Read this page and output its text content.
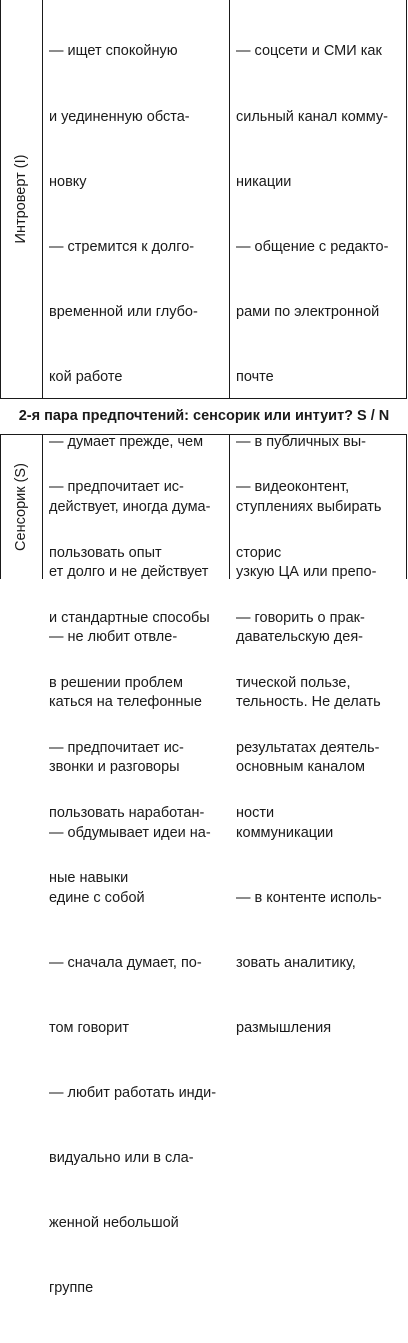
Интроверт (I)

— ищет спокойную

и уединенную обста-

новку

— стремится к долго-

временной или глубо-

кой работе

— думает прежде, чем

действует, иногда дума-

ет долго и не действует

— не любит отвле-

каться на телефонные

звонки и разговоры

— обдумывает идеи на-

едине с собой

— сначала думает, по-

том говорит

— любит работать инди-

видуально или в сла-

женной небольшой

группе

— соцсети и СМИ как

сильный канал комму-

никации

— общение с редакто-

рами по электронной

почте

— в публичных вы-

ступлениях выбирать

узкую ЦА или препо-

давательскую дея-

тельность. Не делать

основным каналом

коммуникации

— в контенте исполь-

зовать аналитику,

размышления

2-я пара предпочтений: сенсорик или интуит? S / N
Сенсорик (S)

— предпочитает ис-

пользовать опыт

и стандартные способы

в решении проблем

— предпочитает ис-

пользовать наработан-

ные навыки

— видеоконтент,

сторис

— говорить о прак-

тической пользе,

результатах деятель-

ности
